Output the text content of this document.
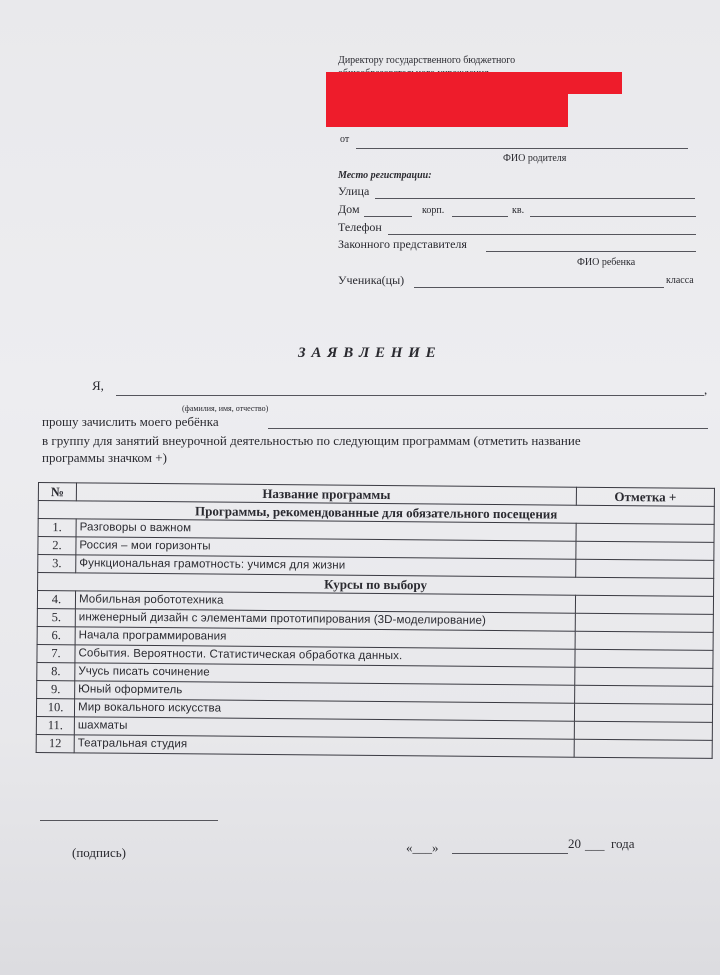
Директору государственного бюджетного
от
ФИО родителя
Место регистрации:
Улица
Дом	корп.	кв.
Телефон
Законного представителя
ФИО ребенка
Ученика(цы)	класса
З А Я В Л Е Н И Е
Я,	,
(фамилия, имя, отчество)
прошу зачислить моего ребёнка
в группу для занятий внеурочной деятельностью по следующим программам (отметить название
программы значком +)
№	Название программы	Отметка +
Программы, рекомендованные для обязательного посещения		
1.	Разговоры о важном	
2.	Россия – мои горизонты	
3.	Функциональная грамотность: учимся для жизни	
Курсы по выбору		
4.	Мобильная робототехника	
5.	инженерный дизайн с элементами прототипирования (3D-моделирование)	
6.	Начала программирования	
7.	События. Вероятности. Статистическая обработка данных.	
8.	Учусь писать сочинение	
9.	Юный оформитель	
10.	Мир вокального искусства	
11.	шахматы	
12	Театральная студия	
(подпись)	«___»	20 ___ года
